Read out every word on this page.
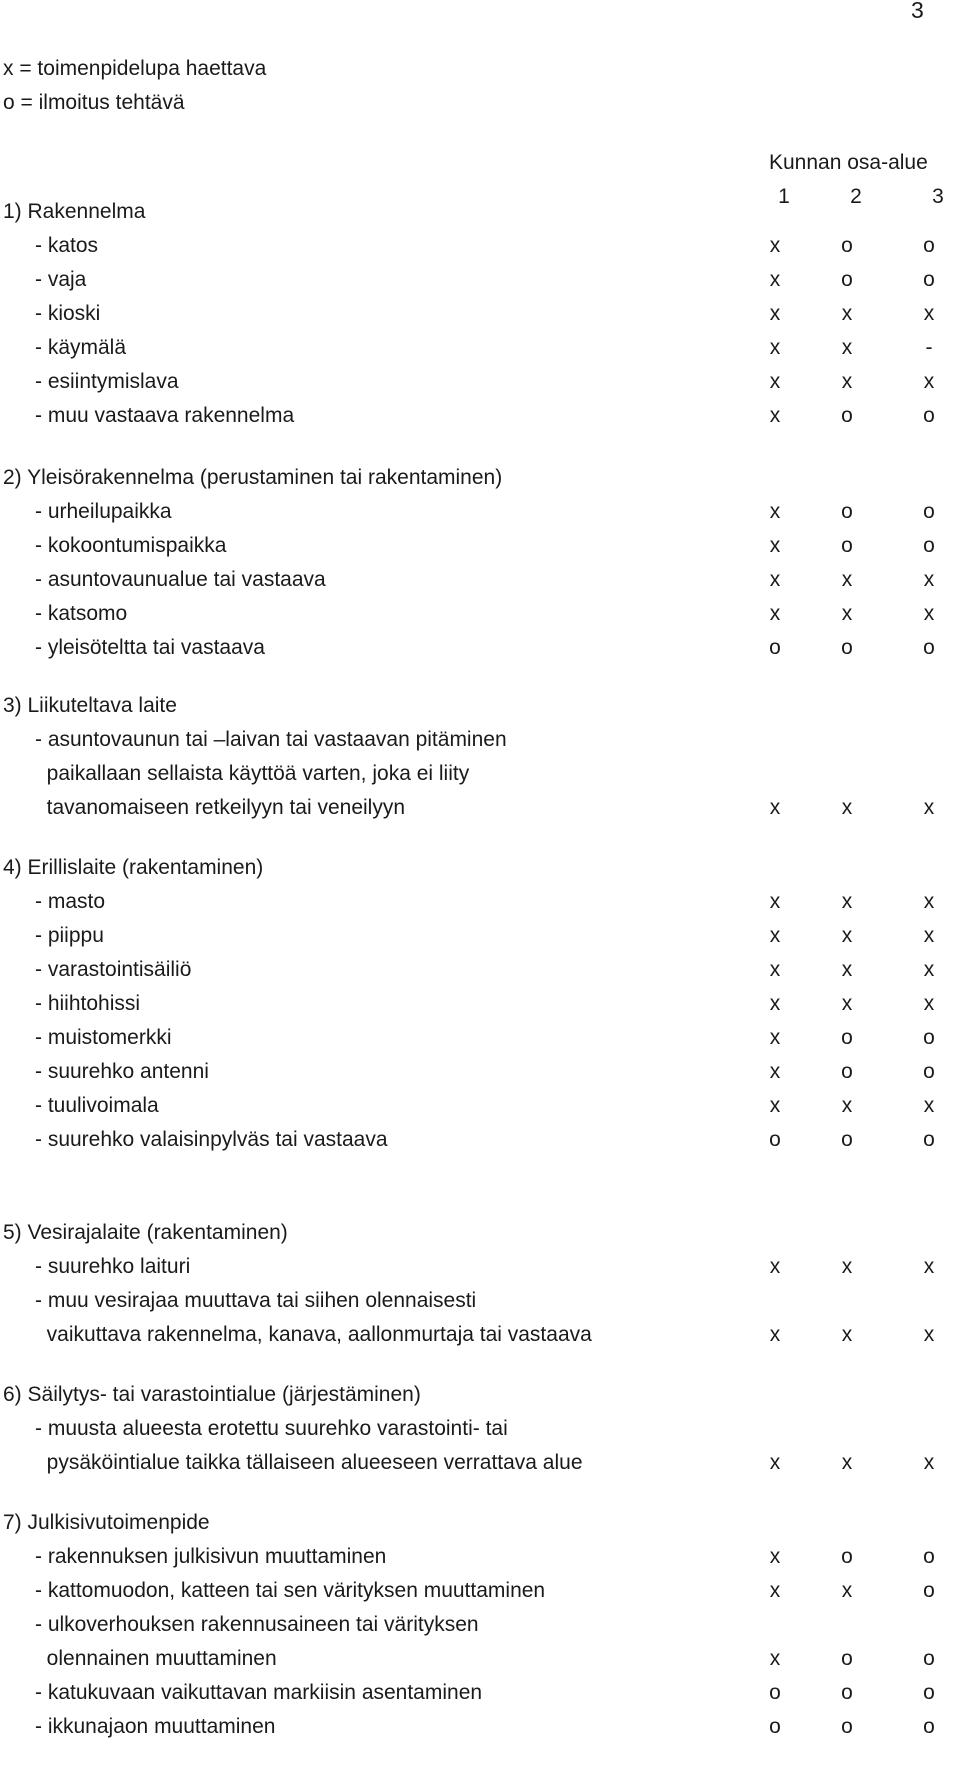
3
x = toimenpidelupa haettava
o = ilmoitus tehtävä
Kunnan osa-alue
1	2	3
1) Rakennelma
- katos	x	o	o
- vaja	x	o	o
- kioski	x	x	x
- käymälä	x	x	-
- esiintymislava	x	x	x
- muu vastaava rakennelma	x	o	o
2) Yleisörakennelma (perustaminen tai rakentaminen)
- urheilupaikka	x	o	o
- kokoontumispaikka	x	o	o
- asuntovaunualue tai vastaava	x	x	x
- katsomo	x	x	x
- yleisöteltta tai vastaava	o	o	o
3) Liikuteltava laite
- asuntovaunun tai –laivan tai vastaavan pitäminen
paikallaan sellaista käyttöä varten, joka ei liity
tavanomaiseen retkeilyyn tai veneilyyn	x	x	x
4) Erillislaite (rakentaminen)
- masto	x	x	x
- piippu	x	x	x
- varastointisäiliö	x	x	x
- hiihtohissi	x	x	x
- muistomerkki	x	o	o
- suurehko antenni	x	o	o
- tuulivoimala	x	x	x
- suurehko valaisinpylväs tai vastaava	o	o	o
5) Vesirajalaite (rakentaminen)
- suurehko laituri	x	x	x
- muu vesirajaa muuttava tai siihen olennaisesti
vaikuttava rakennelma, kanava, aallonmurtaja tai vastaava	x	x	x
6) Säilytys- tai varastointialue (järjestäminen)
- muusta alueesta erotettu suurehko varastointi- tai
pysäköintialue taikka tällaiseen alueeseen verrattava alue	x	x	x
7) Julkisivutoimenpide
- rakennuksen julkisivun muuttaminen	x	o	o
- kattomuodon, katteen tai sen värityksen muuttaminen	x	x	o
- ulkoverhouksen rakennusaineen tai värityksen
olennainen muuttaminen	x	o	o
- katukuvaan vaikuttavan markiisin asentaminen	o	o	o
- ikkunajaon muuttaminen	o	o	o
